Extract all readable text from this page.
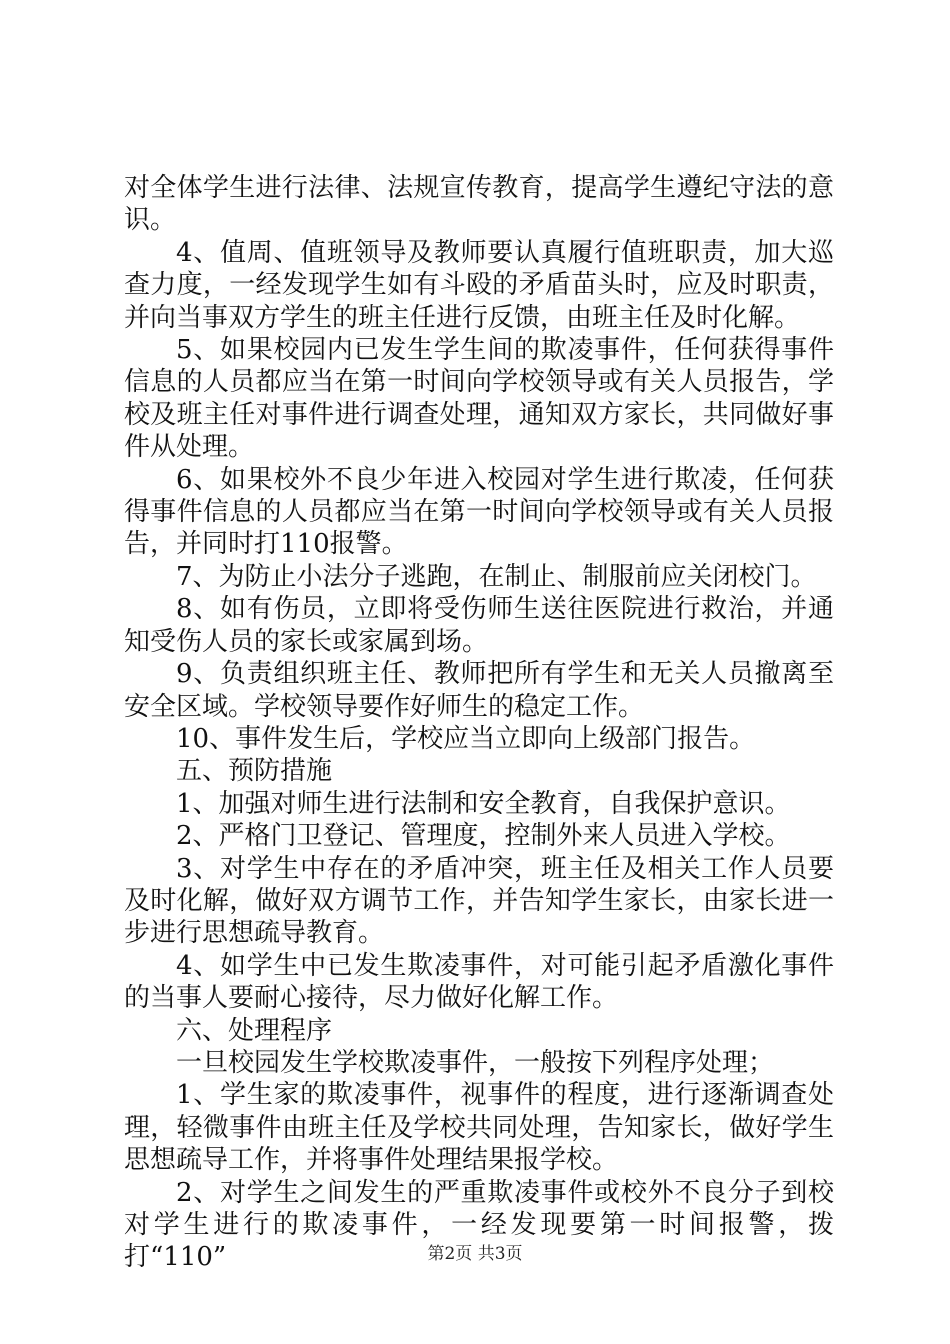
对全体学生进行法律、法规宣传教育，提高学生遵纪守法的意识。

4、值周、值班领导及教师要认真履行值班职责，加大巡查力度，一经发现学生如有斗殴的矛盾苗头时，应及时职责，并向当事双方学生的班主任进行反馈，由班主任及时化解。

5、如果校园内已发生学生间的欺凌事件，任何获得事件信息的人员都应当在第一时间向学校领导或有关人员报告，学校及班主任对事件进行调查处理，通知双方家长，共同做好事件从处理。

6、如果校外不良少年进入校园对学生进行欺凌，任何获得事件信息的人员都应当在第一时间向学校领导或有关人员报告，并同时打110报警。

7、为防止小法分子逃跑，在制止、制服前应关闭校门。

8、如有伤员，立即将受伤师生送往医院进行救治，并通知受伤人员的家长或家属到场。

9、负责组织班主任、教师把所有学生和无关人员撤离至安全区域。学校领导要作好师生的稳定工作。

10、事件发生后，学校应当立即向上级部门报告。

五、预防措施

1、加强对师生进行法制和安全教育，自我保护意识。

2、严格门卫登记、管理度，控制外来人员进入学校。

3、对学生中存在的矛盾冲突，班主任及相关工作人员要及时化解，做好双方调节工作，并告知学生家长，由家长进一步进行思想疏导教育。

4、如学生中已发生欺凌事件，对可能引起矛盾激化事件的当事人要耐心接待，尽力做好化解工作。

六、处理程序

一旦校园发生学校欺凌事件，一般按下列程序处理；

1、学生家的欺凌事件，视事件的程度，进行逐渐调查处理，轻微事件由班主任及学校共同处理，告知家长，做好学生思想疏导工作，并将事件处理结果报学校。

2、对学生之间发生的严重欺凌事件或校外不良分子到校对学生进行的欺凌事件，一经发现要第一时间报警，拨打“110”	第2页 共3页
